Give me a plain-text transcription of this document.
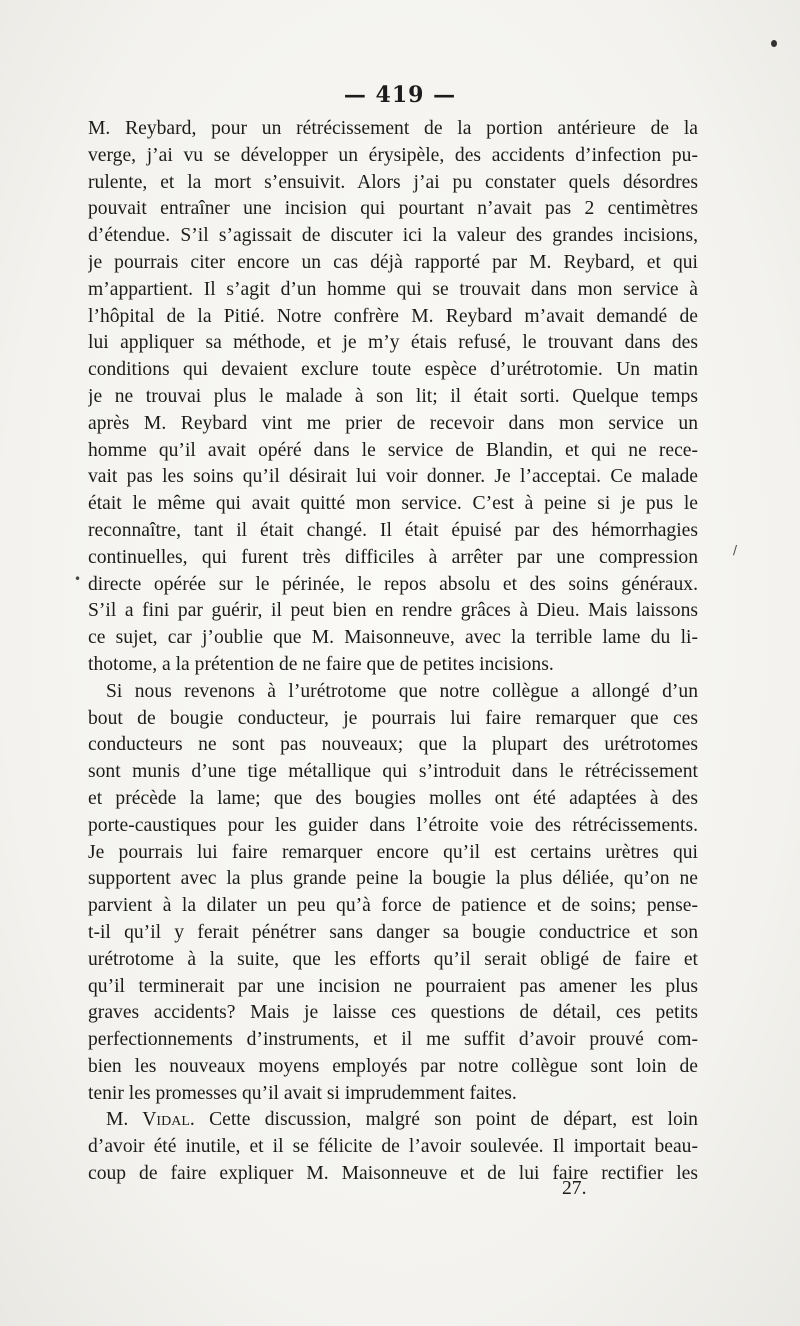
/
•
— 419 —
M. Reybard, pour un rétrécissement de la portion antérieure de la
verge, j’ai vu se développer un érysipèle, des accidents d’infection pu-
rulente, et la mort s’ensuivit. Alors j’ai pu constater quels désordres
pouvait entraîner une incision qui pourtant n’avait pas 2 centimètres
d’étendue. S’il s’agissait de discuter ici la valeur des grandes incisions,
je pourrais citer encore un cas déjà rapporté par M. Reybard, et qui
m’appartient. Il s’agit d’un homme qui se trouvait dans mon service à
l’hôpital de la Pitié. Notre confrère M. Reybard m’avait demandé de
lui appliquer sa méthode, et je m’y étais refusé, le trouvant dans des
conditions qui devaient exclure toute espèce d’urétrotomie. Un matin
je ne trouvai plus le malade à son lit; il était sorti. Quelque temps
après M. Reybard vint me prier de recevoir dans mon service un
homme qu’il avait opéré dans le service de Blandin, et qui ne rece-
vait pas les soins qu’il désirait lui voir donner. Je l’acceptai. Ce malade
était le même qui avait quitté mon service. C’est à peine si je pus le
reconnaître, tant il était changé. Il était épuisé par des hémorrhagies
continuelles, qui furent très difficiles à arrêter par une compression
directe opérée sur le périnée, le repos absolu et des soins généraux.
S’il a fini par guérir, il peut bien en rendre grâces à Dieu. Mais laissons
ce sujet, car j’oublie que M. Maisonneuve, avec la terrible lame du li-
thotome, a la prétention de ne faire que de petites incisions.
Si nous revenons à l’urétrotome que notre collègue a allongé d’un
bout de bougie conducteur, je pourrais lui faire remarquer que ces
conducteurs ne sont pas nouveaux; que la plupart des urétrotomes
sont munis d’une tige métallique qui s’introduit dans le rétrécissement
et précède la lame; que des bougies molles ont été adaptées à des
porte-caustiques pour les guider dans l’étroite voie des rétrécissements.
Je pourrais lui faire remarquer encore qu’il est certains urètres qui
supportent avec la plus grande peine la bougie la plus déliée, qu’on ne
parvient à la dilater un peu qu’à force de patience et de soins; pense-
t-il qu’il y ferait pénétrer sans danger sa bougie conductrice et son
urétrotome à la suite, que les efforts qu’il serait obligé de faire et
qu’il terminerait par une incision ne pourraient pas amener les plus
graves accidents? Mais je laisse ces questions de détail, ces petits
perfectionnements d’instruments, et il me suffit d’avoir prouvé com-
bien les nouveaux moyens employés par notre collègue sont loin de
tenir les promesses qu’il avait si imprudemment faites.
M. Vidal. Cette discussion, malgré son point de départ, est loin
d’avoir été inutile, et il se félicite de l’avoir soulevée. Il importait beau-
coup de faire expliquer M. Maisonneuve et de lui faire rectifier les
27.
